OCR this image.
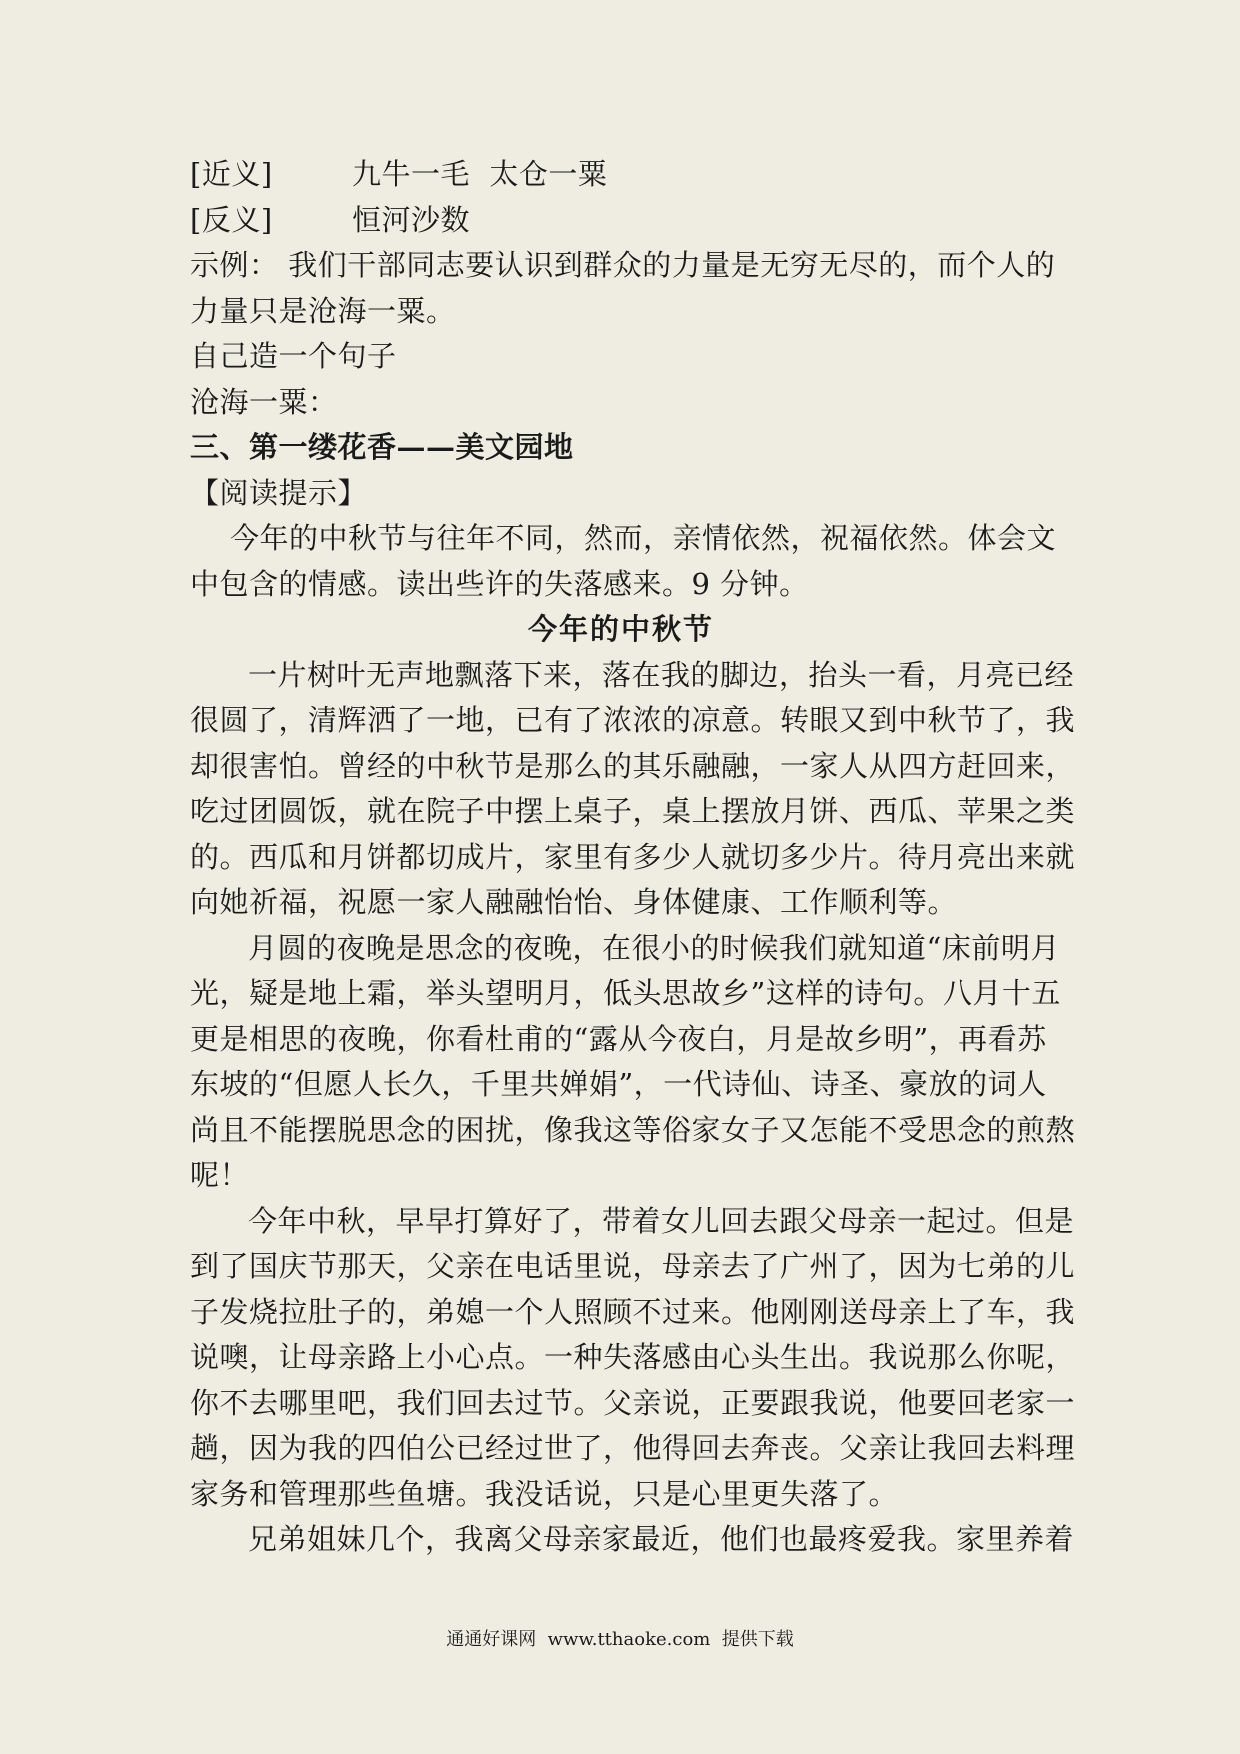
[近义]	九牛一毛  太仓一粟
[反义]	恒河沙数
示例： 我们干部同志要认识到群众的力量是无穷无尽的，而个人的
力量只是沧海一粟。
自己造一个句子
沧海一粟：
三、第一缕花香——美文园地
【阅读提示】
今年的中秋节与往年不同，然而，亲情依然，祝福依然。体会文
中包含的情感。读出些许的失落感来。9 分钟。
今年的中秋节
一片树叶无声地飘落下来，落在我的脚边，抬头一看，月亮已经
很圆了，清辉洒了一地，已有了浓浓的凉意。转眼又到中秋节了，我
却很害怕。曾经的中秋节是那么的其乐融融，一家人从四方赶回来，
吃过团圆饭，就在院子中摆上桌子，桌上摆放月饼、西瓜、苹果之类
的。西瓜和月饼都切成片，家里有多少人就切多少片。待月亮出来就
向她祈福，祝愿一家人融融怡怡、身体健康、工作顺利等。
月圆的夜晚是思念的夜晚，在很小的时候我们就知道“床前明月
光，疑是地上霜，举头望明月，低头思故乡”这样的诗句。八月十五
更是相思的夜晚，你看杜甫的“露从今夜白，月是故乡明”，再看苏
东坡的“但愿人长久，千里共婵娟”，一代诗仙、诗圣、豪放的词人
尚且不能摆脱思念的困扰，像我这等俗家女子又怎能不受思念的煎熬
呢！
今年中秋，早早打算好了，带着女儿回去跟父母亲一起过。但是
到了国庆节那天，父亲在电话里说，母亲去了广州了，因为七弟的儿
子发烧拉肚子的，弟媳一个人照顾不过来。他刚刚送母亲上了车，我
说噢，让母亲路上小心点。一种失落感由心头生出。我说那么你呢，
你不去哪里吧，我们回去过节。父亲说，正要跟我说，他要回老家一
趟，因为我的四伯公已经过世了，他得回去奔丧。父亲让我回去料理
家务和管理那些鱼塘。我没话说，只是心里更失落了。
兄弟姐妹几个，我离父母亲家最近，他们也最疼爱我。家里养着
通通好课网  www.tthaoke.com  提供下载
